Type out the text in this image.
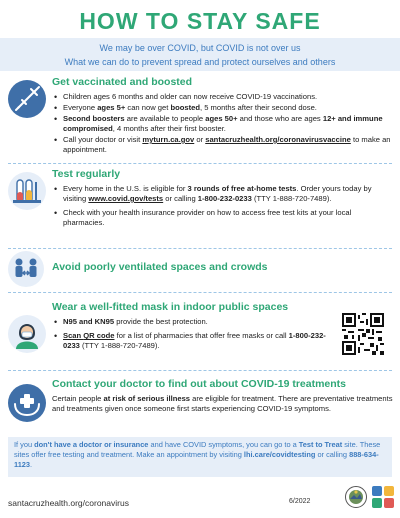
HOW TO STAY SAFE
We may be over COVID, but COVID is not over us
What we can do to prevent spread and protect ourselves and others
Get vaccinated and boosted
• Children ages 6 months and older can now receive COVID-19 vaccinations.
• Everyone ages 5+ can now get boosted, 5 months after their second dose.
• Second boosters are available to people ages 50+ and those who are ages 12+ and immune compromised, 4 months after their first booster.
• Call your doctor or visit myturn.ca.gov or santacruzhealth.org/coronavirusvaccine to make an appointment.
Test regularly
• Every home in the U.S. is eligible for 3 rounds of free at-home tests. Order yours today by visiting www.covid.gov/tests or calling 1-800-232-0233 (TTY 1-888-720-7489).
• Check with your health insurance provider on how to access free test kits at your local pharmacies.
Avoid poorly ventilated spaces and crowds
Wear a well-fitted mask in indoor public spaces
• N95 and KN95 provide the best protection.
• Scan QR code for a list of pharmacies that offer free masks or call 1-800-232-0233 (TTY 1-888-720-7489).
Contact your doctor to find out about COVID-19 treatments
Certain people at risk of serious illness are eligible for treatment. There are preventative treatments and treatments given once someone first starts experiencing COVID-19 symptoms.
If you don't have a doctor or insurance and have COVID symptoms, you can go to a Test to Treat site. These sites offer free testing and treatment. Make an appointment by visiting lhi.care/covidtesting or calling 888-634-1123.
santacruzhealth.org/coronavirus	6/2022
